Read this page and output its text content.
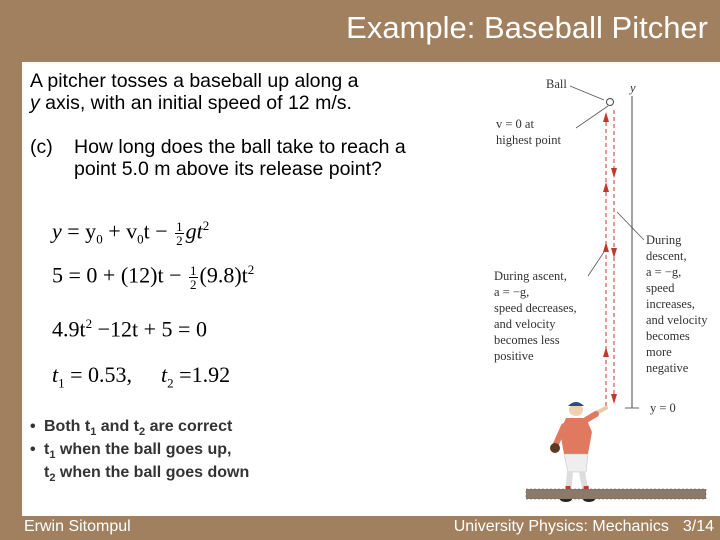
Example: Baseball Pitcher
A pitcher tosses a baseball up along a
y axis, with an initial speed of 12 m/s.
(c) How long does the ball take to reach a point 5.0 m above its release point?
$y = y_0 + v_0t - \frac{1}{2} gt^2$
$5 = 0 + (12)t - \frac{1}{2} (9.8)t^2$
$4.9t^2 -12t + 5 = 0$
$t_1 = 0.53$, $t_2 =1.92$
• Both $t_1$ and $t_2$ are correct
• $t_1$ when the ball goes up,
$t_2$ when the ball goes down
Ball	y
v = 0 at highest point
During descent, a = −g, speed increases, and velocity becomes more negative
During ascent, a = −g, speed decreases, and velocity becomes less positive
y = 0
Erwin Sitompul	University Physics: Mechanics 3/14
